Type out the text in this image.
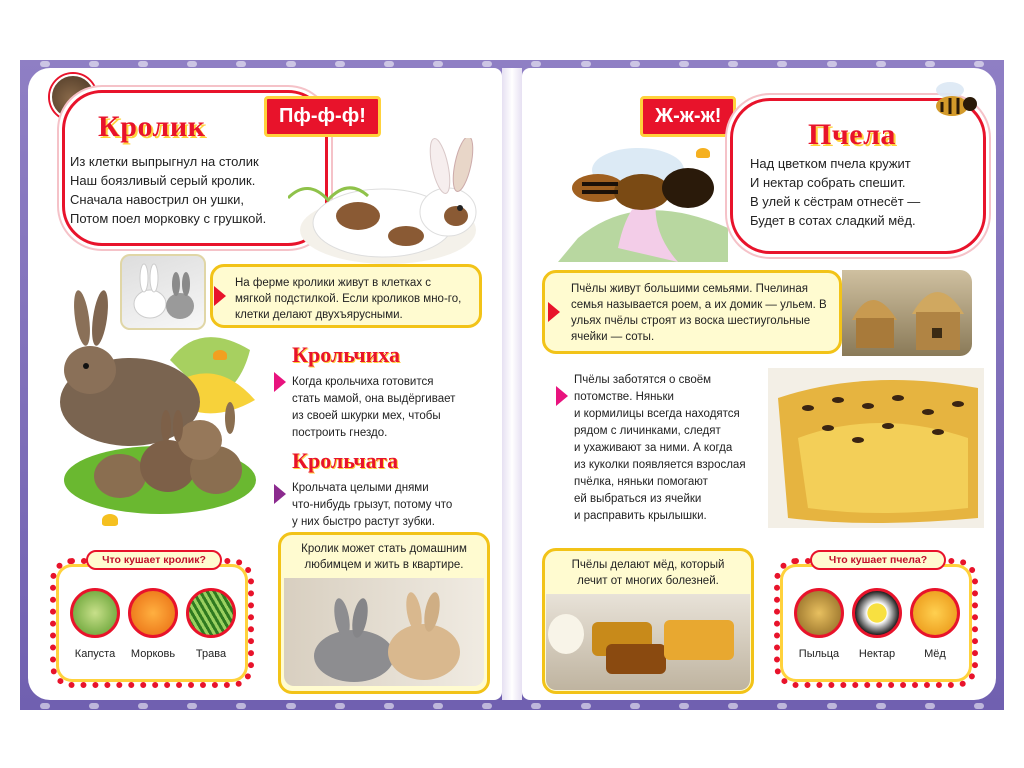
Кролик
Из клетки выпрыгнул на столик
Наш боязливый серый кролик.
Сначала навострил он ушки,
Потом поел морковку с грушкой.
Пф-ф-ф!
На ферме кролики живут в клетках с мягкой подстилкой. Если кроликов мно-го, клетки делают двухъярусными.
Крольчиха
Когда крольчиха готовится
стать мамой, она выдёргивает
из своей шкурки мех, чтобы
построить гнездо.
Крольчата
Крольчата целыми днями
что-нибудь грызут, потому что
у них быстро растут зубки.
Что кушает кролик?
Капуста	Морковь	Трава
Кролик может стать домашним любимцем и жить в квартире.
Ж-ж-ж!
Пчела
Над цветком пчела кружит
И нектар собрать спешит.
В улей к сёстрам отнесёт —
Будет в сотах сладкий мёд.
Пчёлы живут большими семьями. Пчелиная семья называется роем, а их домик — ульем. В ульях пчёлы строят из воска шестиугольные ячейки — соты.
Пчёлы заботятся о своём
потомстве. Няньки
и кормилицы всегда находятся
рядом с личинками, следят
и ухаживают за ними. А когда
из куколки появляется взрослая
пчёлка, няньки помогают
ей выбраться из ячейки
и расправить крылышки.
Пчёлы делают мёд, который лечит от многих болезней.
Что кушает пчела?
Пыльца	Нектар	Мёд
